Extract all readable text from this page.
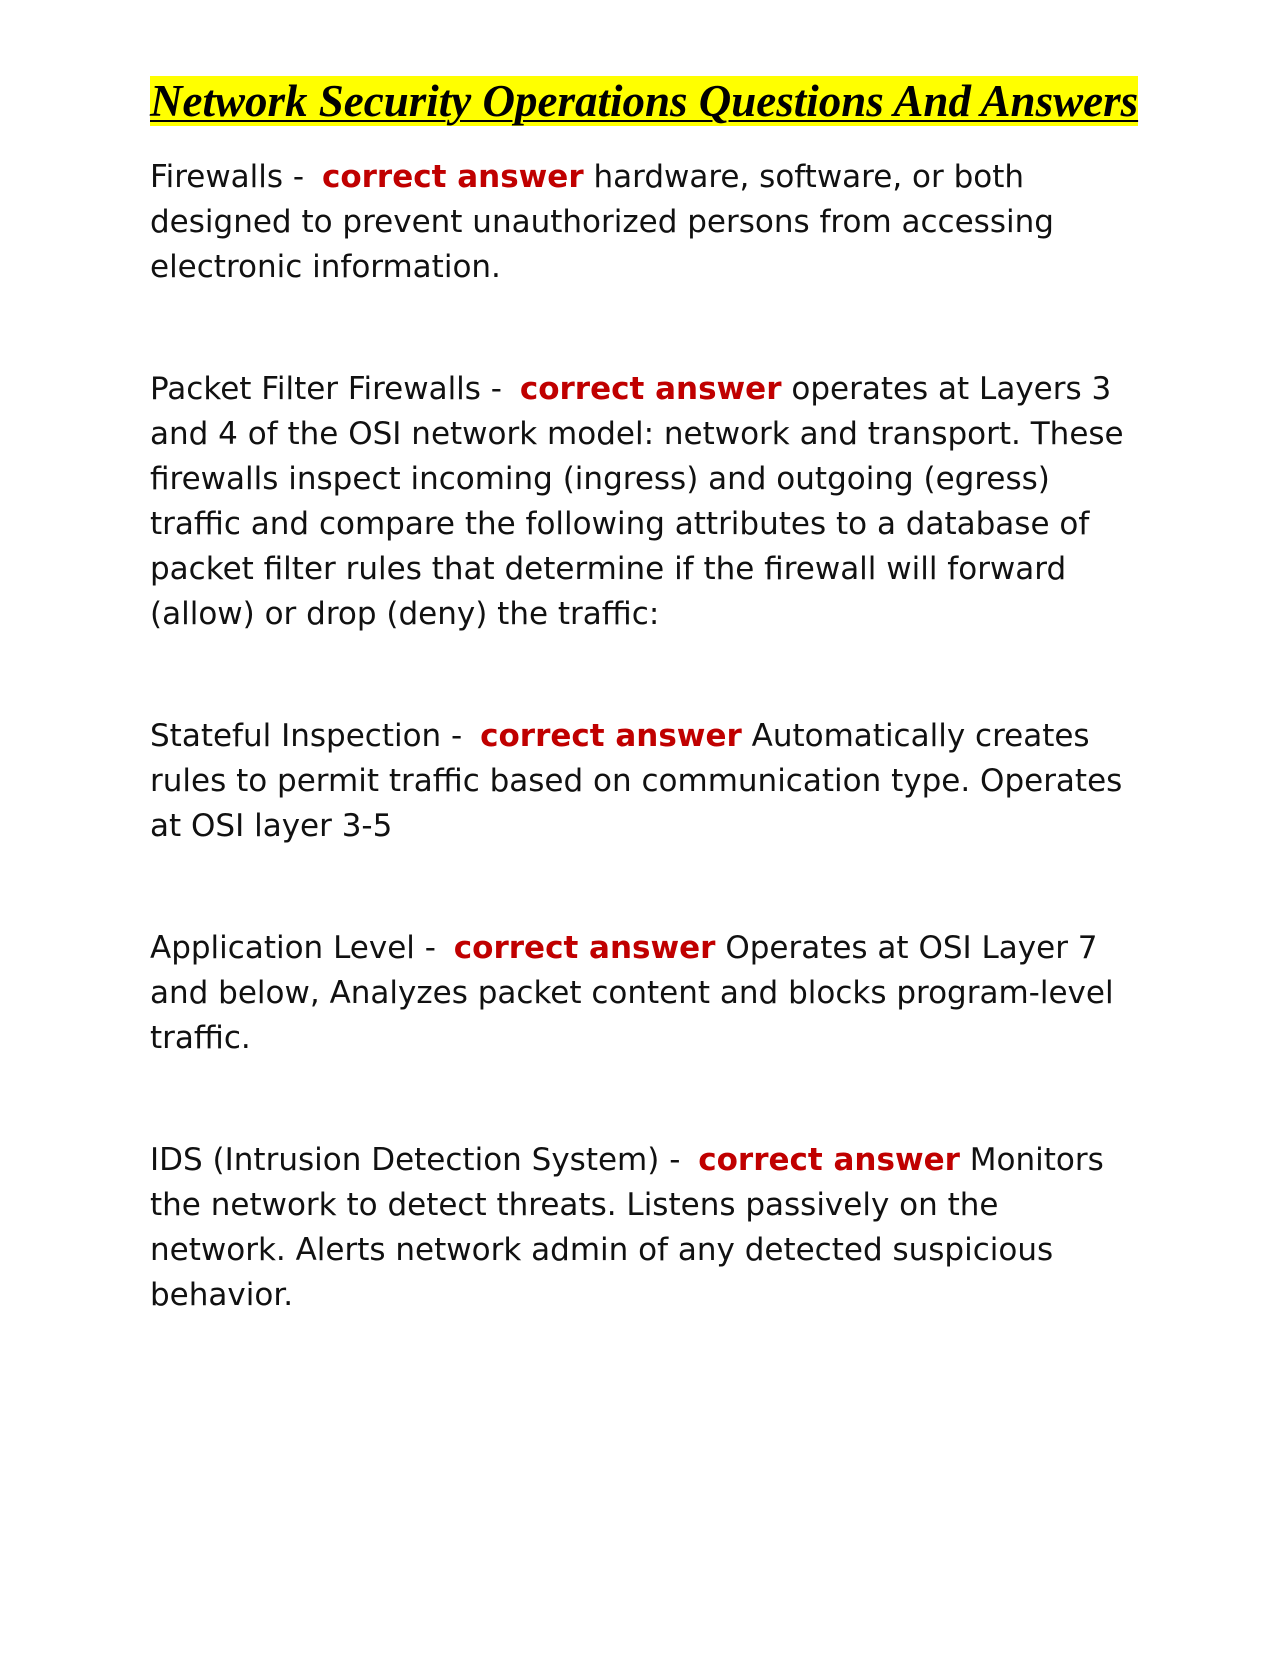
Network Security Operations Questions And Answers
Firewalls - correct answer hardware, software, or both designed to prevent unauthorized persons from accessing electronic information.
Packet Filter Firewalls - correct answer operates at Layers 3 and 4 of the OSI network model: network and transport. These firewalls inspect incoming (ingress) and outgoing (egress) traffic and compare the following attributes to a database of packet filter rules that determine if the firewall will forward (allow) or drop (deny) the traffic:
Stateful Inspection - correct answer Automatically creates rules to permit traffic based on communication type. Operates at OSI layer 3-5
Application Level - correct answer Operates at OSI Layer 7 and below, Analyzes packet content and blocks program-level traffic.
IDS (Intrusion Detection System) - correct answer Monitors the network to detect threats. Listens passively on the network. Alerts network admin of any detected suspicious behavior.
